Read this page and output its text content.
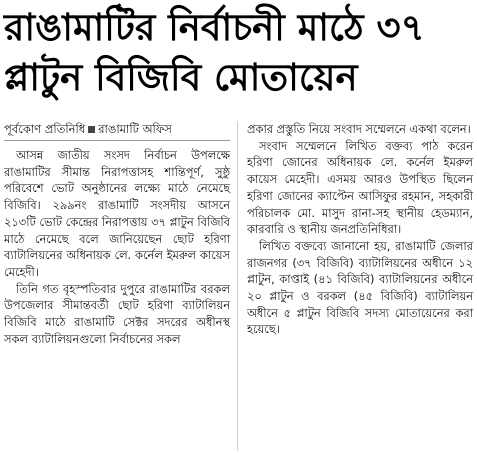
রাঙামাটির নির্বাচনী মাঠে ৩৭
প্লাটুন বিজিবি মোতায়েন
পূর্বকোণ প্রতিনিধি রাঙামাটি অফিস

আসন্ন জাতীয় সংসদ নির্বাচন উপলক্ষে রাঙামাটির সীমান্ত নিরাপত্তাসহ শান্তিপূর্ণ, সুষ্ঠু পরিবেশে ভোট অনুষ্ঠানের লক্ষ্যে মাঠে নেমেছে বিজিবি। ২৯৯নং রাঙামাটি সংসদীয় আসনে ২১৩টি ভোট কেন্দ্রের নিরাপত্তায় ৩৭ প্লাটুন বিজিবি মাঠে নেমেছে বলে জানিয়েছেন ছোট হরিণা ব্যাটালিয়নের অধিনায়ক লে. কর্নেল ইমরুল কায়েস মেহেদী।

তিনি গত বৃহস্পতিবার দুপুরে রাঙামাটির বরকল উপজেলার সীমান্তবর্তী ছোট হরিণা ব্যাটালিয়ন বিজিবি মাঠে রাঙামাটি সেক্টর সদরের অধীনস্থ সকল ব্যাটালিয়নগুলো নির্বাচনের সকল

প্রকার প্রস্তুতি নিয়ে সংবাদ সম্মেলনে একথা বলেন।

সংবাদ সম্মেলনে লিখিত বক্তব্য পাঠ করেন হরিণা জোনের অধিনায়ক লে. কর্নেল ইমরুল কায়েস মেহেদী। এসময় আরও উপস্থিত ছিলেন হরিণা জোনের ক্যাপ্টেন আসিফুর রহমান, সহকারী পরিচালক মো. মাসুদ রানা-সহ স্থানীয় হেডম্যান, কারবারি ও স্থানীয় জনপ্রতিনিধিরা।

লিখিত বক্তব্যে জানানো হয়, রাঙামাটি জেলার রাজনগর (৩৭ বিজিবি) ব্যাটালিয়নের অধীনে ১২ প্লাটুন, কাপ্তাই (৪১ বিজিবি) ব্যাটালিয়নের অধীনে ২০ প্লাটুন ও বরকল (৪৫ বিজিবি) ব্যাটালিয়ন অধীনে ৫ প্লাটুন বিজিবি সদস্য মোতায়েনের করা হয়েছে।
